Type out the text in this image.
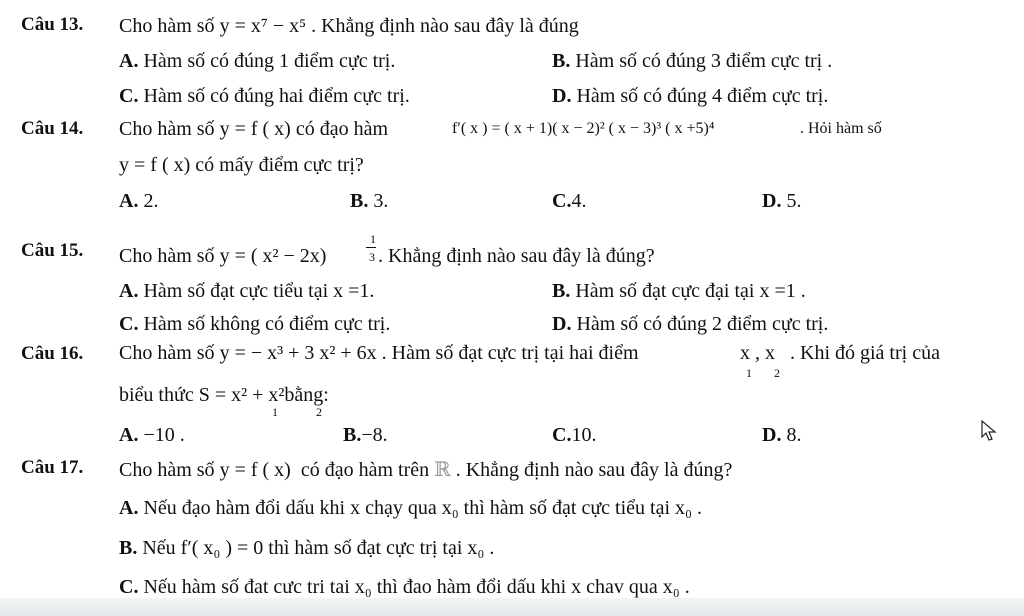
Câu 13. Cho hàm số y = x⁷ − x⁵ . Khẳng định nào sau đây là đúng
A. Hàm số có đúng 1 điểm cực trị.	B. Hàm số có đúng 3 điểm cực trị .
C. Hàm số có đúng hai điểm cực trị.	D. Hàm số có đúng 4 điểm cực trị.
Câu 14. Cho hàm số y = f ( x) có đạo hàm	f′( x ) = ( x + 1)( x − 2)² ( x − 3)³ ( x +5)⁴	. Hỏi hàm số
y = f ( x) có mấy điểm cực trị?
A. 2.	B. 3.	C.4.	D. 5.
Câu 15. Cho hàm số y = ( x² − 2x)
1
3 . Khẳng định nào sau đây là đúng?
A. Hàm số đạt cực tiểu tại x =1.	B. Hàm số đạt cực đại tại x =1 .
C. Hàm số không có điểm cực trị.	D. Hàm số có đúng 2 điểm cực trị.
Câu 16. Cho hàm số y = − x³ + 3 x² + 6x . Hàm số đạt cực trị tại hai điểm	x , x
1 2
. Khi đó giá trị của
biểu thức S = x² + x²bằng:
1	2
A. −10 .	B.−8.	C.10.	D. 8.
Câu 17. Cho hàm số y = f ( x) có đạo hàm trên ℝ . Khẳng định nào sau đây là đúng?
A. Nếu đạo hàm đổi dấu khi x chạy qua x₀ thì hàm số đạt cực tiểu tại x₀ .
B. Nếu f′( x₀ ) = 0 thì hàm số đạt cực trị tại x₀ .
C. Nếu hàm số đat cưc tri tai x₀ thì đao hàm đổi dấu khi x chav qua x₀ .
